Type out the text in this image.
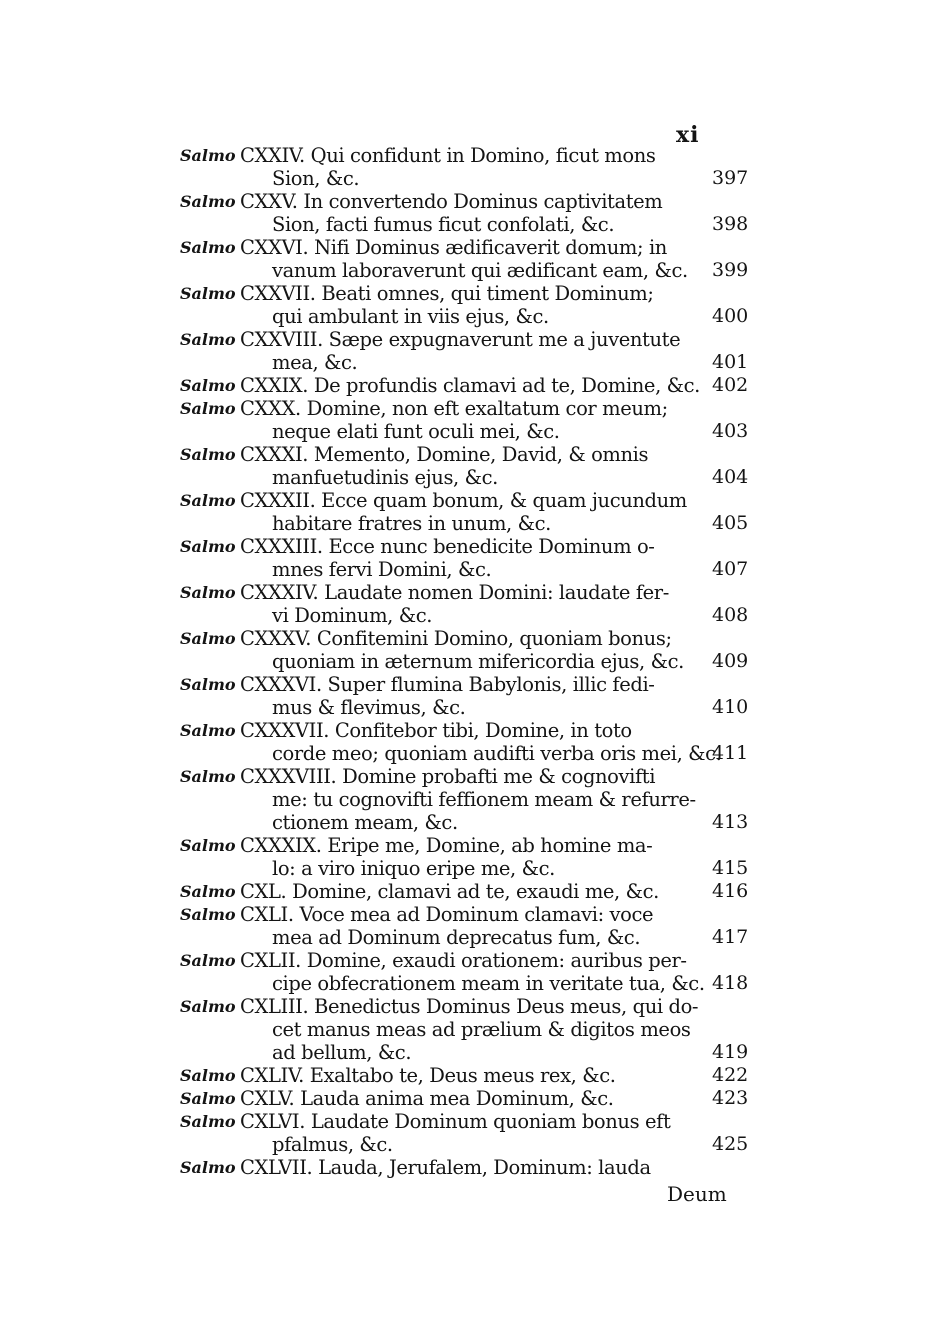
xi
Salmo CXXIV. Qui confidunt in Domino, ficut mons
Sion, &c.	397
Salmo CXXV. In convertendo Dominus captivitatem
Sion, facti fumus ficut confolati, &c.	398
Salmo CXXVI. Nifi Dominus ædificaverit domum; in
vanum laboraverunt qui ædificant eam, &c. 399
Salmo CXXVII. Beati omnes, qui timent Dominum;
qui ambulant in viis ejus, &c.	400
Salmo CXXVIII. Sæpe expugnaverunt me a juventute
mea, &c.	401
Salmo CXXIX. De profundis clamavi ad te, Domine, &c. 402
Salmo CXXX. Domine, non eft exaltatum cor meum;
neque elati funt oculi mei, &c.	403
Salmo CXXXI. Memento, Domine, David, & omnis
manfuetudinis ejus, &c.	404
Salmo CXXXII. Ecce quam bonum, & quam jucundum
habitare fratres in unum, &c.	405
Salmo CXXXIII. Ecce nunc benedicite Dominum o-
mnes fervi Domini, &c.	407
Salmo CXXXIV. Laudate nomen Domini: laudate fer-
vi Dominum, &c.	408
Salmo CXXXV. Confitemini Domino, quoniam bonus;
quoniam in æternum mifericordia ejus, &c. 409
Salmo CXXXVI. Super flumina Babylonis, illic fedi-
mus & flevimus, &c.	410
Salmo CXXXVII. Confitebor tibi, Domine, in toto
corde meo; quoniam audifti verba oris mei, &c.
411
Salmo CXXXVIII. Domine probafti me & cognovifti
me: tu cognovifti feffionem meam & refurre-
ctionem meam, &c.	413
Salmo CXXXIX. Eripe me, Domine, ab homine ma-
lo: a viro iniquo eripe me, &c.	415
Salmo CXL. Domine, clamavi ad te, exaudi me, &c.	416
Salmo CXLI. Voce mea ad Dominum clamavi: voce
mea ad Dominum deprecatus fum, &c.	417
Salmo CXLII. Domine, exaudi orationem: auribus per-
cipe obfecrationem meam in veritate tua, &c. 418
Salmo CXLIII. Benedictus Dominus Deus meus, qui do-
cet manus meas ad prælium & digitos meos
ad bellum, &c.	419
Salmo CXLIV. Exaltabo te, Deus meus rex, &c.	422
Salmo CXLV. Lauda anima mea Dominum, &c.	423
Salmo CXLVI. Laudate Dominum quoniam bonus eft
pfalmus, &c.	425
Salmo CXLVII. Lauda, Jerufalem, Dominum: lauda
Deum
